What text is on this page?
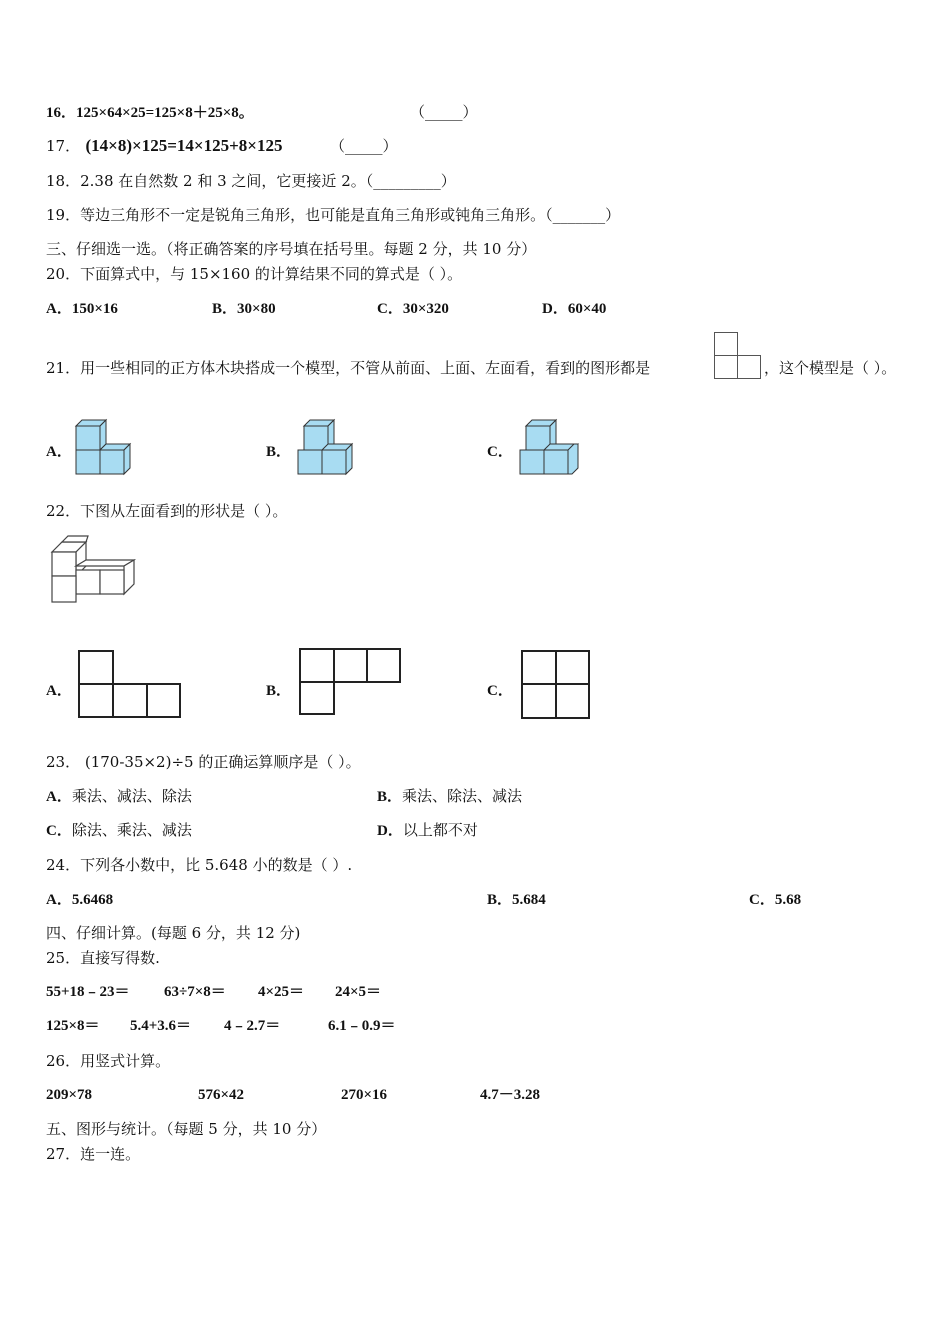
16．125×64×25=125×8＋25×8。	（_____）
17． (14×8)×125=14×125+8×125	（_____）
18．2.38 在自然数 2 和 3 之间，它更接近 2。（_________）
19．等边三角形不一定是锐角三角形，也可能是直角三角形或钝角三角形。（_______）
三、仔细选一选。（将正确答案的序号填在括号里。每题 2 分，共 10 分）
20．下面算式中，与 15×160 的计算结果不同的算式是（ ）。
A．150×16	B．30×80	C．30×320	D．60×40
21．用一些相同的正方体木块搭成一个模型，不管从前面、上面、左面看，看到的图形都是	，这个模型是（ ）。
A．	B．	C．
22．下图从左面看到的形状是（ ）。
A．	B．	C．
23． (170-35×2)÷5 的正确运算顺序是（ ）。
A．乘法、减法、除法	B．乘法、除法、减法
C．除法、乘法、减法	D．以上都不对
24．下列各小数中，比 5.648 小的数是（ ）.
A．5.6468	B．5.684	C．5.68
四、仔细计算。(每题 6 分，共 12 分)
25．直接写得数.
55+18﹣23＝ 63÷7×8＝ 4×25＝ 24×5＝
125×8＝ 5.4+3.6＝ 4﹣2.7＝	6.1﹣0.9＝
26．用竖式计算。
209×78	576×42	270×16	4.7－3.28
五、图形与统计。（每题 5 分，共 10 分）
27．连一连。
